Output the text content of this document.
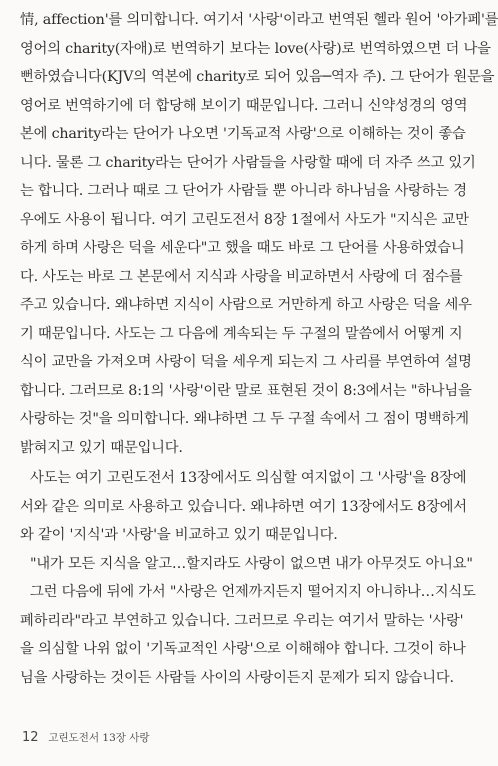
情, affection'를 의미합니다. 여기서 '사랑'이라고 번역된 헬라 원어 '아가페'를
영어의 charity(자애)로 번역하기 보다는 love(사랑)로 번역하였으면 더 나을
뻔하였습니다(KJV의 역본에 charity로 되어 있음─역자 주). 그 단어가 원문을
영어로 번역하기에 더 합당해 보이기 때문입니다. 그러니 신약성경의 영역
본에 charity라는 단어가 나오면 '기독교적 사랑'으로 이해하는 것이 좋습
니다. 물론 그 charity라는 단어가 사람들을 사랑할 때에 더 자주 쓰고 있기
는 합니다. 그러나 때로 그 단어가 사람들 뿐 아니라 하나님을 사랑하는 경
우에도 사용이 됩니다. 여기 고린도전서 8장 1절에서 사도가 "지식은 교만
하게 하며 사랑은 덕을 세운다"고 했을 때도 바로 그 단어를 사용하였습니
다. 사도는 바로 그 본문에서 지식과 사랑을 비교하면서 사랑에 더 점수를
주고 있습니다. 왜냐하면 지식이 사람으로 거만하게 하고 사랑은 덕을 세우
기 때문입니다. 사도는 그 다음에 계속되는 두 구절의 말씀에서 어떻게 지
식이 교만을 가져오며 사랑이 덕을 세우게 되는지 그 사리를 부연하여 설명
합니다. 그러므로 8:1의 '사랑'이란 말로 표현된 것이 8:3에서는 "하나님을
사랑하는 것"을 의미합니다. 왜냐하면 그 두 구절 속에서 그 점이 명백하게
밝혀지고 있기 때문입니다.
사도는 여기 고린도전서 13장에서도 의심할 여지없이 그 '사랑'을 8장에
서와 같은 의미로 사용하고 있습니다. 왜냐하면 여기 13장에서도 8장에서
와 같이 '지식'과 '사랑'을 비교하고 있기 때문입니다.
"내가 모든 지식을 알고…할지라도 사랑이 없으면 내가 아무것도 아니요"
그런 다음에 뒤에 가서 "사랑은 언제까지든지 떨어지지 아니하나…지식도
폐하리라"라고 부연하고 있습니다. 그러므로 우리는 여기서 말하는 '사랑'
을 의심할 나위 없이 '기독교적인 사랑'으로 이해해야 합니다. 그것이 하나
님을 사랑하는 것이든 사람들 사이의 사랑이든지 문제가 되지 않습니다.
12 고린도전서 13장 사랑
